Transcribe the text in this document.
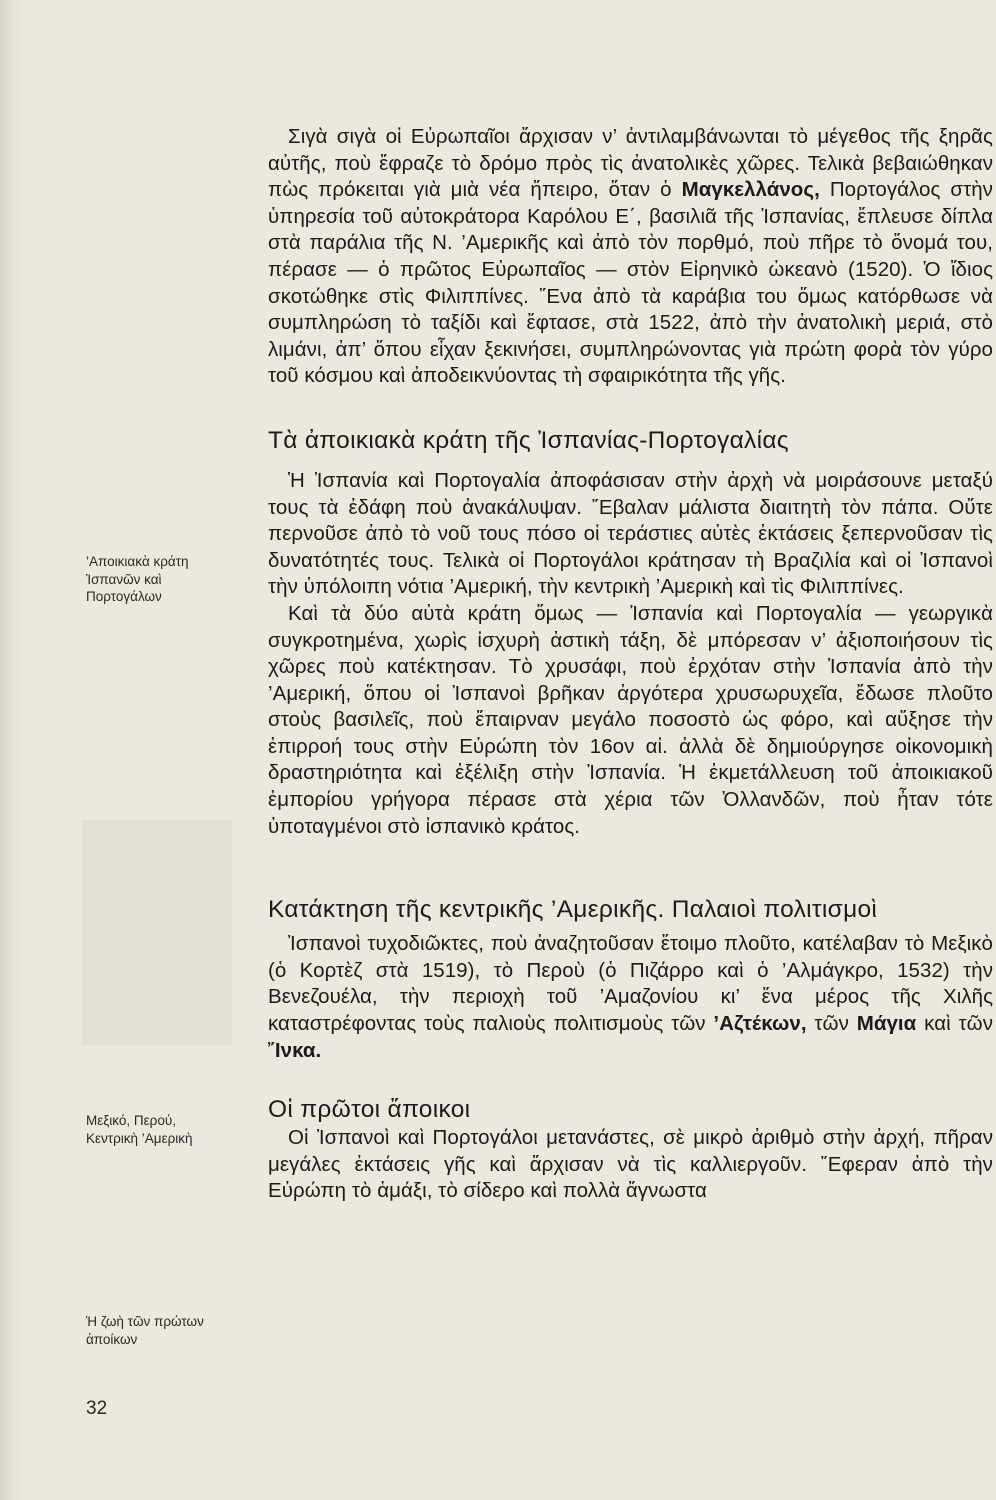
’Αποικιακὰ κράτη
Ἰσπανῶν καὶ
Πορτογάλων
Μεξικό, Περού,
Κεντρικὴ ’Αμερικὴ
Ἡ ζωὴ τῶν πρώτων
ἀποίκων
32

Σιγὰ σιγὰ οἱ Εὐρωπαῖοι ἄρχισαν ν’ ἀντιλαμβάνωνται τὸ μέγεθος τῆς ξηρᾶς αὐτῆς, ποὺ ἔφραζε τὸ δρόμο πρὸς τὶς ἀνατολικὲς χῶρες. Τελικὰ βεβαιώθηκαν πὼς πρόκειται γιὰ μιὰ νέα ἤπειρο, ὅταν ὁ Μαγκελλάνος, Πορτογάλος στὴν ὑπηρεσία τοῦ αὐτοκράτορα Καρόλου Ε΄, βασιλιᾶ τῆς Ἰσπανίας, ἔπλευσε δίπλα στὰ παράλια τῆς Ν. ’Αμερικῆς καὶ ἀπὸ τὸν πορθμό, ποὺ πῆρε τὸ ὄνομά του, πέρασε — ὁ πρῶτος Εὐρωπαῖος — στὸν Εἰρηνικὸ ὠκεανὸ (1520). Ὁ ἴδιος σκοτώθηκε στὶς Φιλιππίνες. ῞Ενα ἀπὸ τὰ καράβια του ὅμως κατόρθωσε νὰ συμπληρώση τὸ ταξίδι καὶ ἔφτασε, στὰ 1522, ἀπὸ τὴν ἀνατολικὴ μεριά, στὸ λιμάνι, ἀπ’ ὅπου εἶχαν ξεκινήσει, συμπληρώνοντας γιὰ πρώτη φορὰ τὸν γύρο τοῦ κόσμου καὶ ἀποδεικνύοντας τὴ σφαιρικότητα τῆς γῆς.

Τὰ ἀποικιακὰ κράτη τῆς Ἰσπανίας-Πορτογαλίας

Ἡ Ἰσπανία καὶ Πορτογαλία ἀποφάσισαν στὴν ἀρχὴ νὰ μοιράσουνε μεταξύ τους τὰ ἐδάφη ποὺ ἀνακάλυψαν. ῎Εβαλαν μάλιστα διαιτητὴ τὸν πάπα. Οὔτε περνοῦσε ἀπὸ τὸ νοῦ τους πόσο οἱ τεράστιες αὐτὲς ἐκτάσεις ξεπερνοῦσαν τὶς δυνατότητές τους. Τελικὰ οἱ Πορτογάλοι κράτησαν τὴ Βραζιλία καὶ οἱ Ἰσπανοὶ τὴν ὑπόλοιπη νότια ’Αμερική, τὴν κεντρικὴ ’Αμερικὴ καὶ τὶς Φιλιππίνες.

Καὶ τὰ δύο αὐτὰ κράτη ὅμως — Ἰσπανία καὶ Πορτογαλία — γεωργικὰ συγκροτημένα, χωρὶς ἰσχυρὴ ἀστικὴ τάξη, δὲ μπόρεσαν ν’ ἀξιοποιήσουν τὶς χῶρες ποὺ κατέκτησαν. Τὸ χρυσάφι, ποὺ ἐρχόταν στὴν Ἰσπανία ἀπὸ τὴν ’Αμερική, ὅπου οἱ Ἰσπανοὶ βρῆκαν ἀργότερα χρυσωρυχεῖα, ἔδωσε πλοῦτο στοὺς βασιλεῖς, ποὺ ἔπαιρναν μεγάλο ποσοστὸ ὡς φόρο, καὶ αὔξησε τὴν ἐπιρροή τους στὴν Εὐρώπη τὸν 16ον αἰ. ἀλλὰ δὲ δημιούργησε οἰκονομικὴ δραστηριότητα καὶ ἐξέλιξη στὴν Ἰσπανία. Ἡ ἐκμετάλλευση τοῦ ἀποικιακοῦ ἐμπορίου γρήγορα πέρασε στὰ χέρια τῶν Ὀλλανδῶν, ποὺ ἦταν τότε ὑποταγμένοι στὸ ἰσπανικὸ κράτος.

Κατάκτηση τῆς κεντρικῆς ’Αμερικῆς. Παλαιοὶ πολιτισμοὶ

Ἰσπανοὶ τυχοδιῶκτες, ποὺ ἀναζητοῦσαν ἕτοιμο πλοῦτο, κατέλαβαν τὸ Μεξικὸ (ὁ Κορτὲζ στὰ 1519), τὸ Περοὺ (ὁ Πιζάρρο καὶ ὁ ’Αλμάγκρο, 1532) τὴν Βενεζουέλα, τὴν περιοχὴ τοῦ ’Αμαζονίου κι’ ἕνα μέρος τῆς Χιλῆς καταστρέφοντας τοὺς παλιοὺς πολιτισμοὺς τῶν ’Αζτέκων, τῶν Μάγια καὶ τῶν ῎Ινκα.

Οἱ πρῶτοι ἄποικοι

Οἱ Ἰσπανοὶ καὶ Πορτογάλοι μετανάστες, σὲ μικρὸ ἀριθμὸ στὴν ἀρχή, πῆραν μεγάλες ἐκτάσεις γῆς καὶ ἄρχισαν νὰ τὶς καλλιεργοῦν. ῎Εφεραν ἀπὸ τὴν Εὐρώπη τὸ ἁμάξι, τὸ σίδερο καὶ πολλὰ ἄγνωστα
